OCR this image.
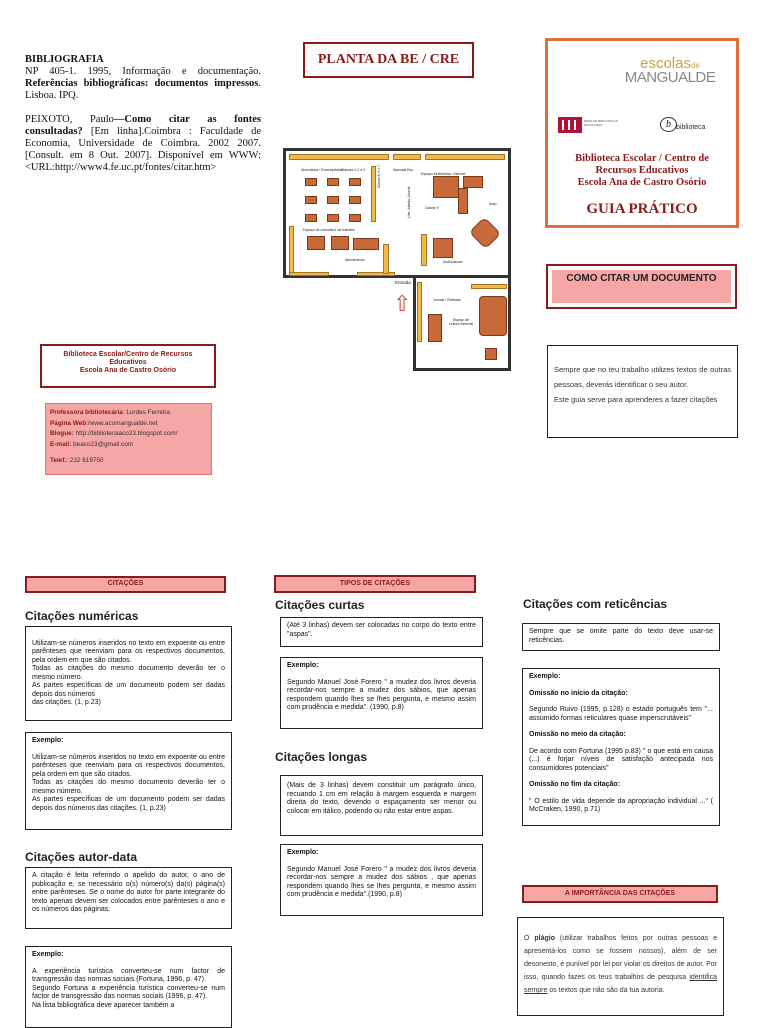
BIBLIOGRAFIA
NP 405-1. 1995, Informação e documentação. Referências bibliográficas: documentos impressos. Lisboa. IPQ.
PEIXOTO, Paulo—Como citar as fontes consultadas? [Em linha].Coimbra : Faculdade de Economia, Universidade de Coimbra. 2002 2007.[Consult. em 8 Out. 2007]. Disponível em WWW:<URL:http://www4.fe.uc.pt/fontes/citar.htm>
PLANTA DA BE / CRE
Dicionários / Enciclopédias
Classes 1,2 e 3	Manuais Esc.
Classe 8, 5 e 7
Liter. Infanto-Juvenil
Espaço Multimédia / Internet
Classe 9
Arqu.
Espaço de consulta e de trabalho
Audiovisuais
Atendimento
Entrada
Jornais / Revistas
Espaço de Leitura Informal
⇧
Biblioteca Escolar/Centro de Recursos Educativos
Escola Ana de Castro Osório
Professora bibliotecária: Lurdes Ferreira
Página Web:/www.acomangualde.net
Blogue: http://bibliotecaaco23.blogspot.com/
E-mail: beaco23@gmail.com
Telef.: 232 619750
escolasde
MANGUALDE
REDE DE BIBLIOTECAS ESCOLARES	b biblioteca
Biblioteca Escolar / Centro de Recursos Educativos
Escola Ana de Castro Osório
GUIA PRÁTICO
COMO CITAR UM DOCUMENTO
Sempre que no teu trabalho utilizes textos de outras pessoas, deverás identificar o seu autor.
Este guia serve para aprenderes a fazer citações
CITAÇÕES
Citações numéricas

Utilizam-se números inseridos no texto em expoente ou entre parênteses que reenviam para os respectivos documentos, pela ordem em que são citados.
Todas as citações do mesmo documento deverão ter o mesmo número.
As partes específicas de um documento podem ser dadas depois dos números
das citações. (1, p.23)

Exemplo:
Utilizam-se números inseridos no texto em expoente ou entre parênteses que reenviam para os respectivos documentos, pela ordem em que são citados.
Todas as citações do mesmo documento deverão ter o mesmo número.
As partes específicas de um documento podem ser dadas depois dos números das citações. (1, p.23)
Citações autor-data
A citação é feita referindo o apelido do autor, o ano de publicação e, se necessário o(s) número(s) da(s) página(s) entre parênteses. Se o nome do autor for parte integrante do texto apenas devem ser colocados entre parênteses o ano e os números das páginas.
Exemplo:
A experiência turística converteu-se num factor de transgressão das normas sociais (Fortuna, 1996, p. 47).
Segundo Fortuna a experiência turística converteu-se num factor de transgressão das normas sociais (1996, p. 47).
Na lista bibliográfica deve aparecer também a
TIPOS DE CITAÇÕES
Citações curtas
(Até 3 linhas) devem ser colocadas no corpo do texto entre "aspas".
Exemplo:
Segundo Manuel José Forero " a mudez dos livros deveria recordar-nos sempre a mudez dos sábios, que apenas respondem quando lhes se lhes pergunta, e mesmo assim com prudência e medida". (1990, p.8)
Citações longas
(Mais de 3 linhas) devem constituir um parágrafo único, recuando 1 cm em relação à margem esquerda e margem direita do texto, devendo o espaçamento ser menor ou colocar em itálico, podendo ou não estar entre aspas.
Exemplo:
Segundo Manuel José Forero " a mudez dos livros deveria recordar-nos sempre a mudez dos sábios , que apenas respondem quando lhes se lhes pergunta, e mesmo assim com prudência e medida".(1990, p.8)
Citações com reticências
Sempre que se omite parte do texto deve usar-se reticências.
Exemplo:
Omissão no início da citação:
Segundo Ruivo (1995, p.128) o estado português tem "... assumido formas reticulares quase imperscrutáveis"
Omissão no meio da citação:
De acordo com Fortuna (1995 p.83) " o que está em causa (...) é forjar níveis de satisfação antecipada nos consumidores potenciais"
Omissão no fim da citação:
" O estilo de vida depende da apropriação individual ..." ( McCraken, 1990, p.71)
A IMPORTÂNCIA DAS CITAÇÕES
O plágio (utilizar trabalhos feitos por outras pessoas e apresentá-los como se fossem nossos), além de ser desonesto, é punível por lei por violar os direitos de autor. Por isso, quando fazes os teus trabalhos de pesquisa identifica sempre os textos que não são da tua autoria.
